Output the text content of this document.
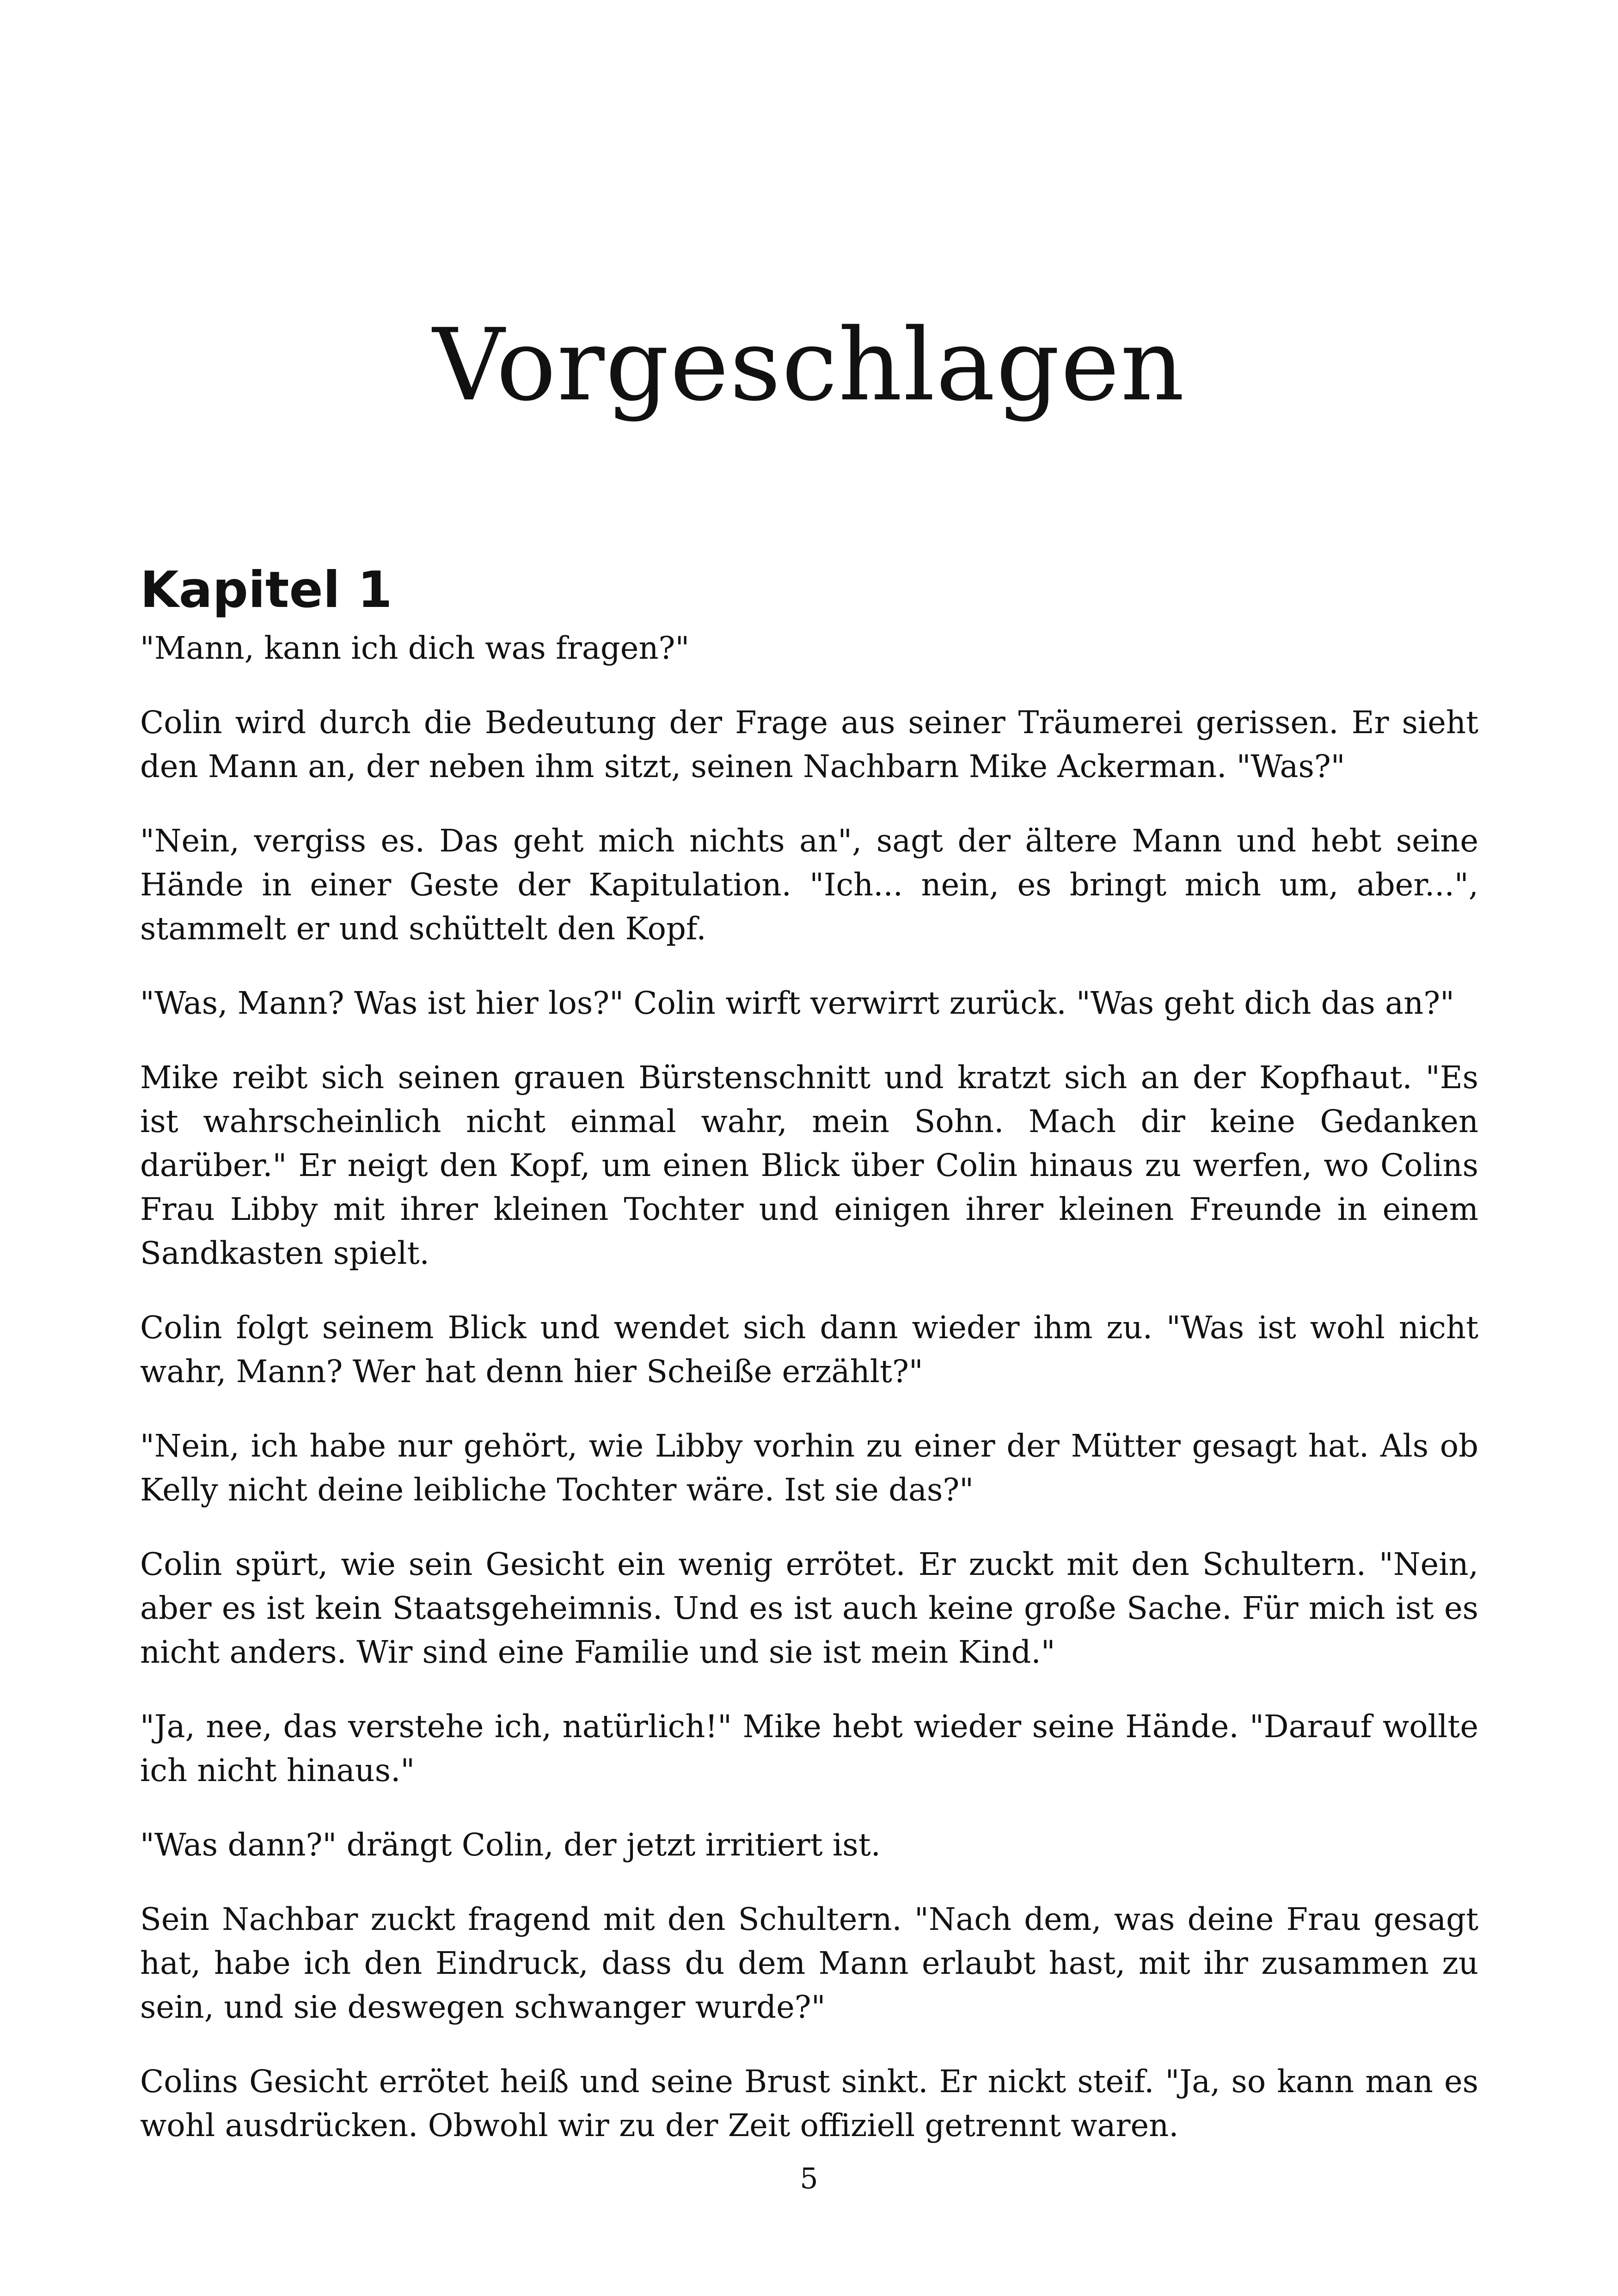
Vorgeschlagen
Kapitel 1

"Mann, kann ich dich was fragen?"

Colin wird durch die Bedeutung der Frage aus seiner Träumerei gerissen. Er sieht den Mann an, der neben ihm sitzt, seinen Nachbarn Mike Ackerman. "Was?"

"Nein, vergiss es. Das geht mich nichts an", sagt der ältere Mann und hebt seine Hände in einer Geste der Kapitulation. "Ich... nein, es bringt mich um, aber...", stammelt er und schüttelt den Kopf.

"Was, Mann? Was ist hier los?" Colin wirft verwirrt zurück. "Was geht dich das an?"

Mike reibt sich seinen grauen Bürstenschnitt und kratzt sich an der Kopfhaut. "Es ist wahrscheinlich nicht einmal wahr, mein Sohn. Mach dir keine Gedanken darüber." Er neigt den Kopf, um einen Blick über Colin hinaus zu werfen, wo Colins Frau Libby mit ihrer kleinen Tochter und einigen ihrer kleinen Freunde in einem Sandkasten spielt.

Colin folgt seinem Blick und wendet sich dann wieder ihm zu. "Was ist wohl nicht wahr, Mann? Wer hat denn hier Scheiße erzählt?"

"Nein, ich habe nur gehört, wie Libby vorhin zu einer der Mütter gesagt hat. Als ob Kelly nicht deine leibliche Tochter wäre. Ist sie das?"

Colin spürt, wie sein Gesicht ein wenig errötet. Er zuckt mit den Schultern. "Nein, aber es ist kein Staatsgeheimnis. Und es ist auch keine große Sache. Für mich ist es nicht anders. Wir sind eine Familie und sie ist mein Kind."

"Ja, nee, das verstehe ich, natürlich!" Mike hebt wieder seine Hände. "Darauf wollte ich nicht hinaus."

"Was dann?" drängt Colin, der jetzt irritiert ist.

Sein Nachbar zuckt fragend mit den Schultern. "Nach dem, was deine Frau gesagt hat, habe ich den Eindruck, dass du dem Mann erlaubt hast, mit ihr zusammen zu sein, und sie deswegen schwanger wurde?"

Colins Gesicht errötet heiß und seine Brust sinkt. Er nickt steif. "Ja, so kann man es wohl ausdrücken. Obwohl wir zu der Zeit offiziell getrennt waren.

5
